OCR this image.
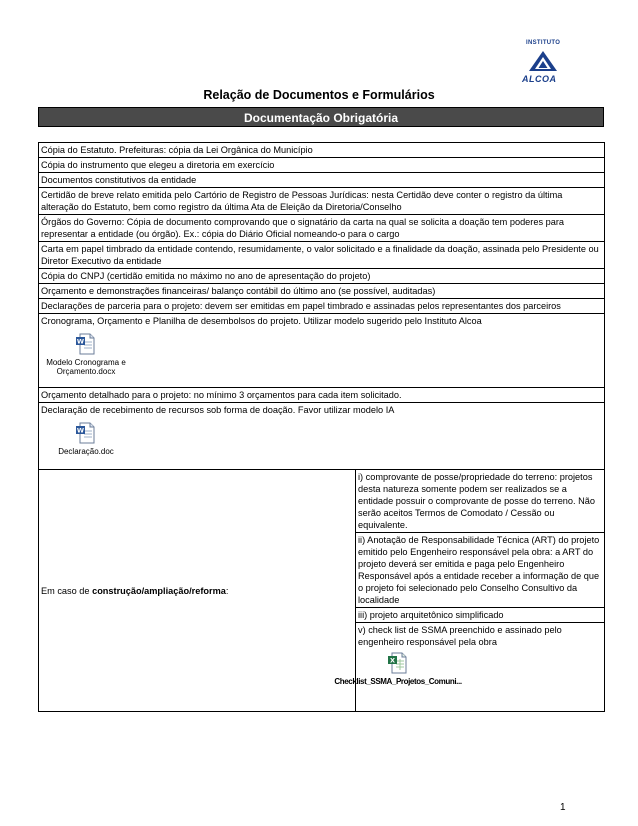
INSTITUTO
ALCOA
Relação de Documentos e Formulários
Documentação Obrigatória
Cópia do Estatuto. Prefeituras: cópia da Lei Orgânica do Município
Cópia do instrumento que elegeu a diretoria em exercício
Documentos constitutivos da entidade
Certidão de breve relato emitida pelo Cartório de Registro de Pessoas Jurídicas: nesta Certidão deve conter o registro da última alteração do Estatuto, bem como registro da última Ata de Eleição da Diretoria/Conselho
Órgãos do Governo: Cópia de documento comprovando que o signatário da carta na qual se solicita a doação tem poderes para representar a entidade (ou órgão). Ex.: cópia do Diário Oficial nomeando-o para o cargo
Carta em papel timbrado da entidade contendo, resumidamente, o valor solicitado e a finalidade da doação, assinada pelo Presidente ou Diretor Executivo da entidade
Cópia do CNPJ (certidão emitida no máximo no ano de apresentação do projeto)
Orçamento e demonstrações financeiras/ balanço contábil do último ano (se possível, auditadas)
Declarações de parceria para o projeto: devem ser emitidas em papel timbrado e assinadas pelos representantes dos parceiros

Cronograma, Orçamento e Planilha de desembolsos do projeto. Utilizar modelo sugerido pelo Instituto Alcoa
W
Modelo Cronograma e Orçamento.docx

Orçamento detalhado para o projeto: no mínimo 3 orçamentos para cada item solicitado.

Declaração de recebimento de recursos sob forma de doação. Favor utilizar modelo IA
W
Declaração.doc

Em caso de construção/ampliação/reforma:	i) comprovante de posse/propriedade do terreno: projetos desta natureza somente podem ser realizados se a entidade possuir o comprovante de posse do terreno. Não serão aceitos Termos de Comodato / Cessão ou equivalente.
ii) Anotação de Responsabilidade Técnica (ART) do projeto emitido pelo Engenheiro responsável pela obra: a ART do projeto deverá ser emitida e paga pelo Engenheiro Responsável após a entidade receber a informação de que o projeto foi selecionado pelo Conselho Consultivo da localidade
iii) projeto arquitetônico simplificado

v) check list de SSMA preenchido e assinado pelo engenheiro responsável pela obra
X
Checklist_SSMA_Projetos_Comuni...
1
